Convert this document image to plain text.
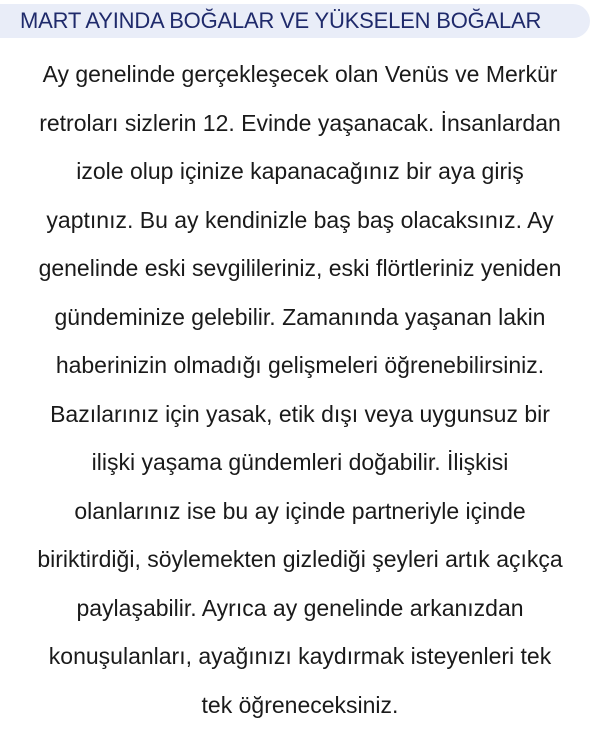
MART AYINDA BOĞALAR VE YÜKSELEN BOĞALAR
Ay genelinde gerçekleşecek olan Venüs ve Merkür
retroları sizlerin 12. Evinde yaşanacak. İnsanlardan
izole olup içinize kapanacağınız bir aya giriş
yaptınız. Bu ay kendinizle baş baş olacaksınız. Ay
genelinde eski sevgilileriniz, eski flörtleriniz yeniden
gündeminize gelebilir. Zamanında yaşanan lakin
haberinizin olmadığı gelişmeleri öğrenebilirsiniz.
Bazılarınız için yasak, etik dışı veya uygunsuz bir
ilişki yaşama gündemleri doğabilir. İlişkisi
olanlarınız ise bu ay içinde partneriyle içinde
biriktirdiği, söylemekten gizlediği şeyleri artık açıkça
paylaşabilir. Ayrıca ay genelinde arkanızdan
konuşulanları, ayağınızı kaydırmak isteyenleri tek
tek öğreneceksiniz.
